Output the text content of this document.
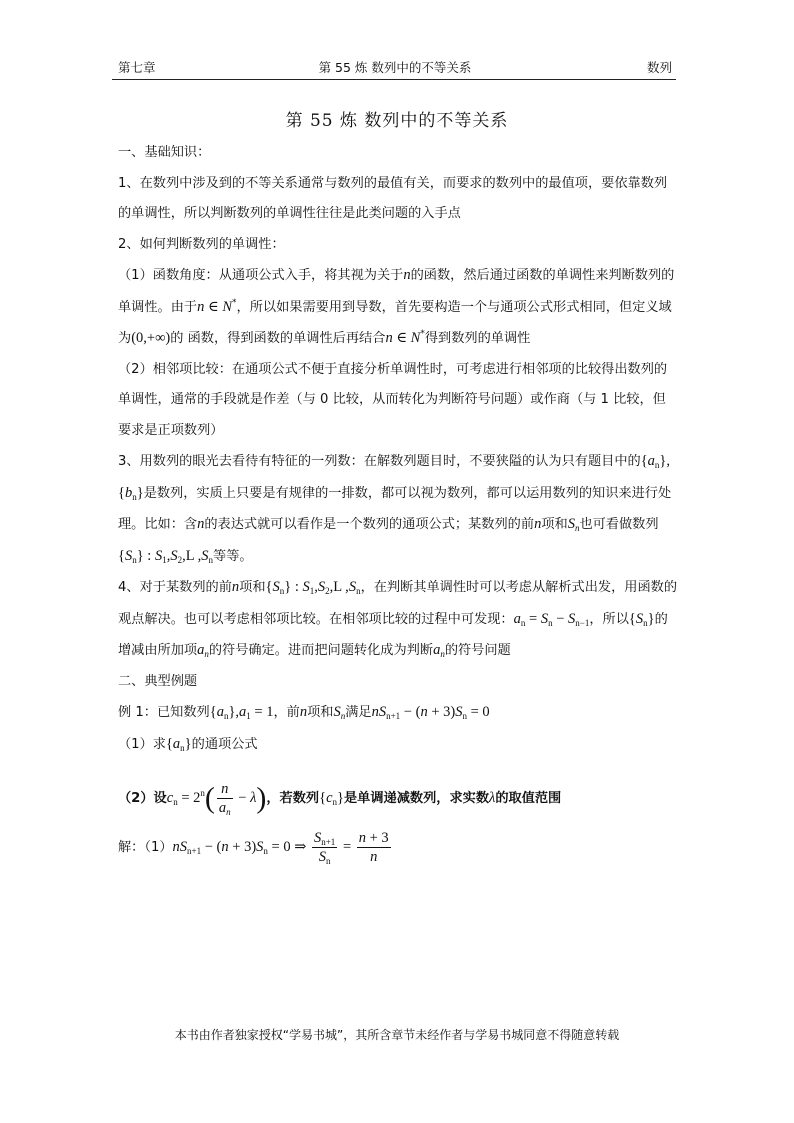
第七章	第 55 炼 数列中的不等关系	数列
第 55 炼 数列中的不等关系

一、基础知识：

1、在数列中涉及到的不等关系通常与数列的最值有关，而要求的数列中的最值项，要依靠数列的单调性，所以判断数列的单调性往往是此类问题的入手点

2、如何判断数列的单调性：

（1）函数角度：从通项公式入手，将其视为关于n的函数，然后通过函数的单调性来判断数列的单调性。由于n ∈ N*，所以如果需要用到导数，首先要构造一个与通项公式形式相同，但定义域为(0,+∞)的 函数，得到函数的单调性后再结合n ∈ N*得到数列的单调性

（2）相邻项比较：在通项公式不便于直接分析单调性时，可考虑进行相邻项的比较得出数列的单调性，通常的手段就是作差（与 0 比较，从而转化为判断符号问题）或作商（与 1 比较，但要求是正项数列）

3、用数列的眼光去看待有特征的一列数：在解数列题目时，不要狭隘的认为只有题目中的$\{a_n\},\{b_n\}$是数列，实质上只要是有规律的一排数，都可以视为数列，都可以运用数列的知识来进行处理。比如：含n的表达式就可以看作是一个数列的通项公式；某数列的前n项和$S_n$也可看做数列$\{S_n\}$ : $S_1,S_2,L$ $,S_n$等等。

4、对于某数列的前n项和$\{S_n\}$ : $S_1,S_2,L$ $,S_n$，在判断其单调性时可以考虑从解析式出发，用函数的观点解决。也可以考虑相邻项比较。在相邻项比较的过程中可发现：$a_n = S_n - S_{n-1}$，所以$\{S_n\}$的增减由所加项$a_n$的符号确定。进而把问题转化成为判断$a_n$的符号问题

二、典型例题

例 1：已知数列$\{a_n\},a_1 = 1$，前n项和$S_n$满足$nS_{n+1} - (n + 3)S_n = 0$

（1）求$\{a_n\}$的通项公式

（2）设$c_n = 2^n( \frac{n}{a_n} - \lambda)$，若数列$\{c_n\}$是单调递减数列，求实数λ的取值范围

解：$(1)nS_{n+1} - (n + 3)S_n = 0$ ⇒ $\frac{S_{n+1}}{S_n} = \frac{n + 3}{n}$

本书由作者独家授权“学易书城”，其所含章节未经作者与学易书城同意不得随意转载
